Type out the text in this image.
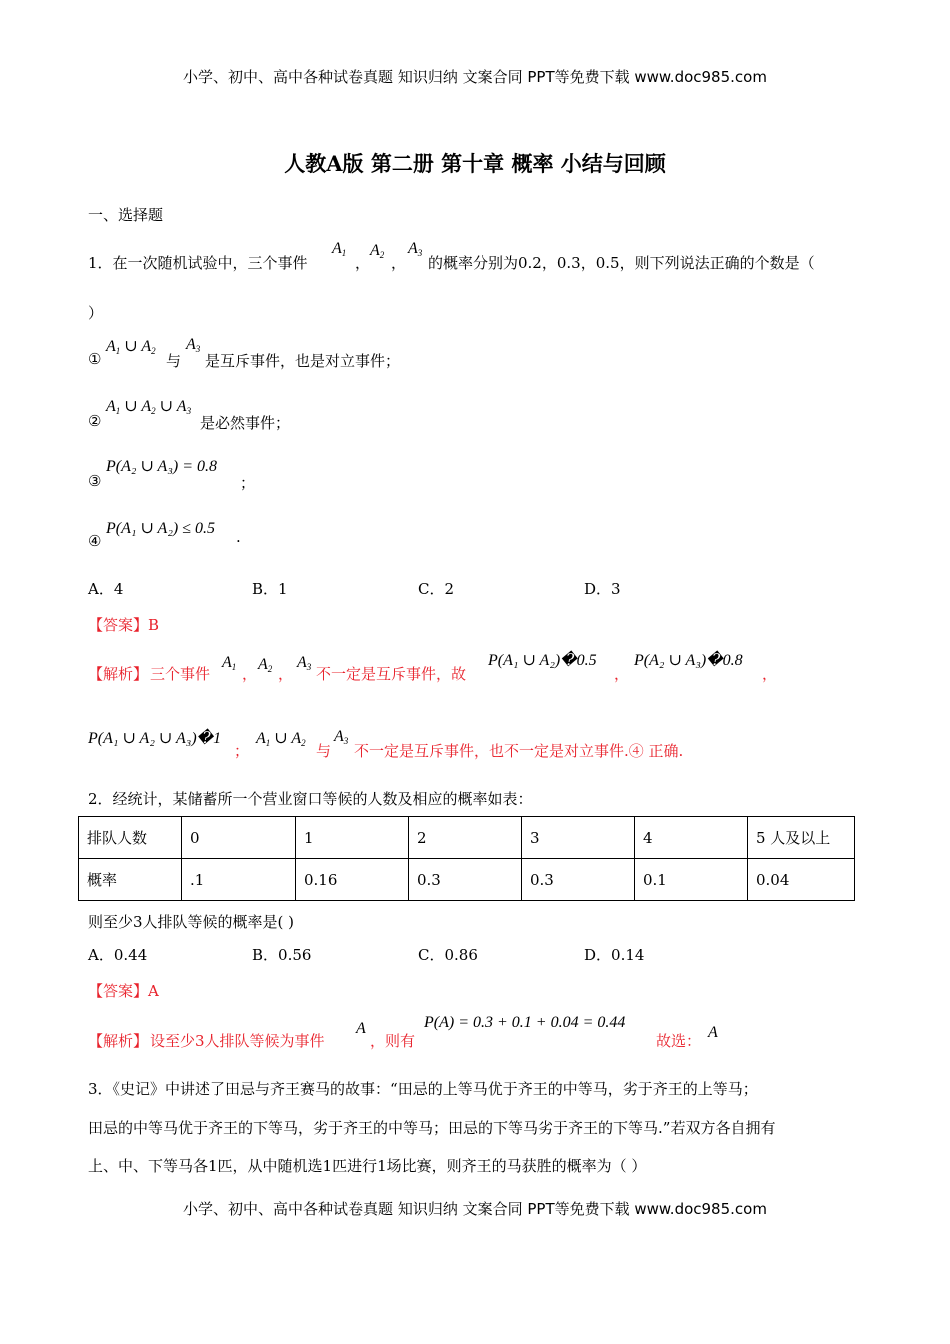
小学、初中、高中各种试卷真题 知识归纳 文案合同 PPT等免费下载 www.doc985.com
人教A版 第二册 第十章 概率 小结与回顾
一、选择题
1．在一次随机试验中，三个事件
$A_1$
，
$A_2$ ，
$A_3$
的概率分别为0.2，0.3，0.5，则下列说法正确的个数是（
）
①
$A_1$ ∪ $A_2$
与
$A_3$
是互斥事件，也是对立事件；
②
$A_1$ ∪ $A_2$ ∪ $A_3$
是必然事件；
③
P(A₂ ∪ A₃) = 0.8
；
④
P(A₁ ∪ A₂) ≤ 0.5 .
A．4	B．1	C．2	D．3
【答案】B
【解析】 三个事件
$A_1$ ，
$A_2$ ，
$A_3$ 不一定是互斥事件，故
P(A₁ ∪ A₂)�0.5
，
P(A₂ ∪ A₃)�0.8
，
P(A₁ ∪ A₂ ∪ A₃)�1
；
$A_1$ ∪ $A_2$ 与
$A_3$
不一定是互斥事件，也不一定是对立事件.④ 正确.
2．经统计，某储蓄所一个营业窗口等候的人数及相应的概率如表：
排队人数	0	1	2	3	4	5 人及以上
概率	.1	0.16	0.3	0.3	0.1	0.04
则至少3人排队等候的概率是( )
A．0.44	B．0.56	C．0.86	D．0.14
【答案】A
【解析】 设至少3人排队等候为事件
A
，则有
P(A) = 0.3 + 0.1 + 0.04 = 0.44
故选： A
3．《史记》中讲述了田忌与齐王赛马的故事：“田忌的上等马优于齐王的中等马，劣于齐王的上等马；
田忌的中等马优于齐王的下等马，劣于齐王的中等马；田忌的下等马劣于齐王的下等马.”若双方各自拥有
上、中、下等马各1匹，从中随机选1匹进行1场比赛，则齐王的马获胜的概率为（ ）
小学、初中、高中各种试卷真题 知识归纳 文案合同 PPT等免费下载 www.doc985.com
